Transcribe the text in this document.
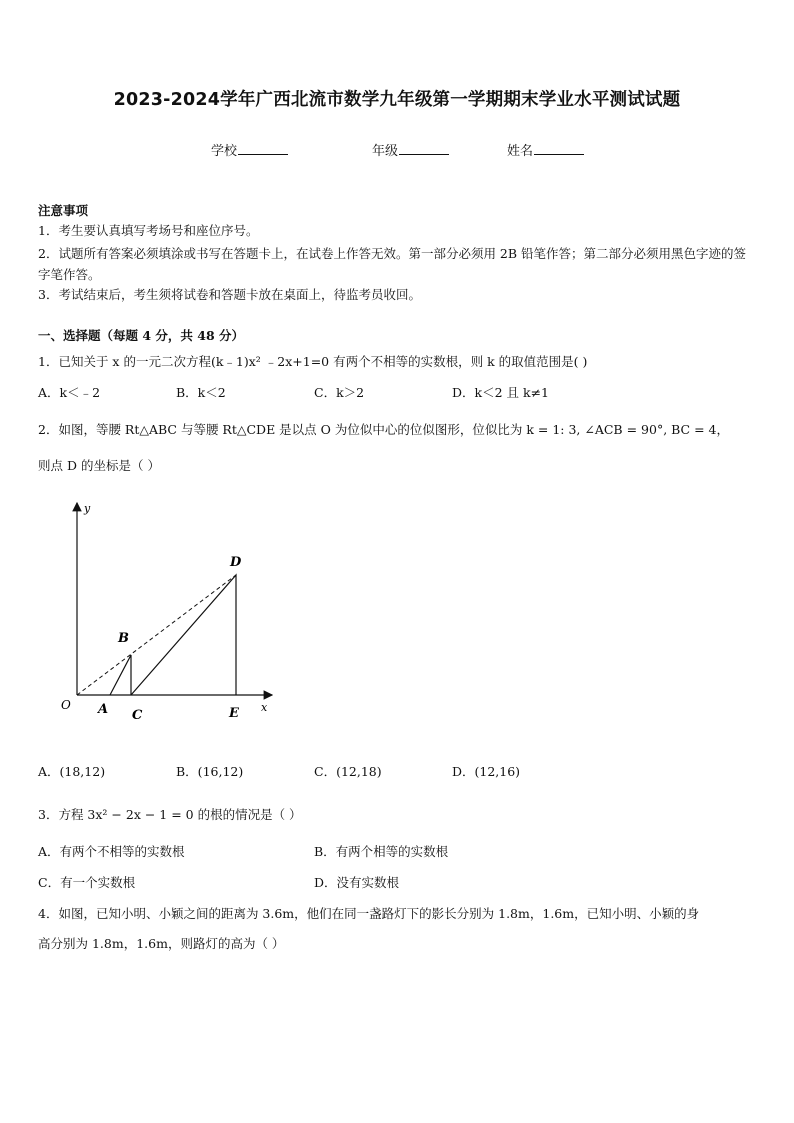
2023-2024学年广西北流市数学九年级第一学期期末学业水平测试试题
学校	年级	姓名
注意事项
1．考生要认真填写考场号和座位序号。
2．试题所有答案必须填涂或书写在答题卡上，在试卷上作答无效。第一部分必须用 2B 铅笔作答；第二部分必须用黑色字迹的签字笔作答。
3．考试结束后，考生须将试卷和答题卡放在桌面上，待监考员收回。
一、选择题（每题 4 分，共 48 分）
1．已知关于 x 的一元二次方程(k﹣1)x² ﹣2x+1=0 有两个不相等的实数根，则 k 的取值范围是( )
A．k＜﹣2	B．k＜2	C．k＞2	D．k＜2 且 k≠1
2．如图，等腰 Rt△ABC 与等腰 Rt△CDE 是以点 O 为位似中心的位似图形，位似比为 k = 1: 3, ∠ACB = 90°, BC = 4，
则点 D 的坐标是（ ）
y
x
O A
B
C
D
E
A．(18,12)	B．(16,12)	C．(12,18)	D．(12,16)
3．方程 3x² − 2x − 1 = 0 的根的情况是（ ）
A．有两个不相等的实数根	B．有两个相等的实数根
C．有一个实数根	D．没有实数根
4．如图，已知小明、小颖之间的距离为 3.6m，他们在同一盏路灯下的影长分别为 1.8m，1.6m，已知小明、小颖的身
高分别为 1.8m，1.6m，则路灯的高为（ ）
